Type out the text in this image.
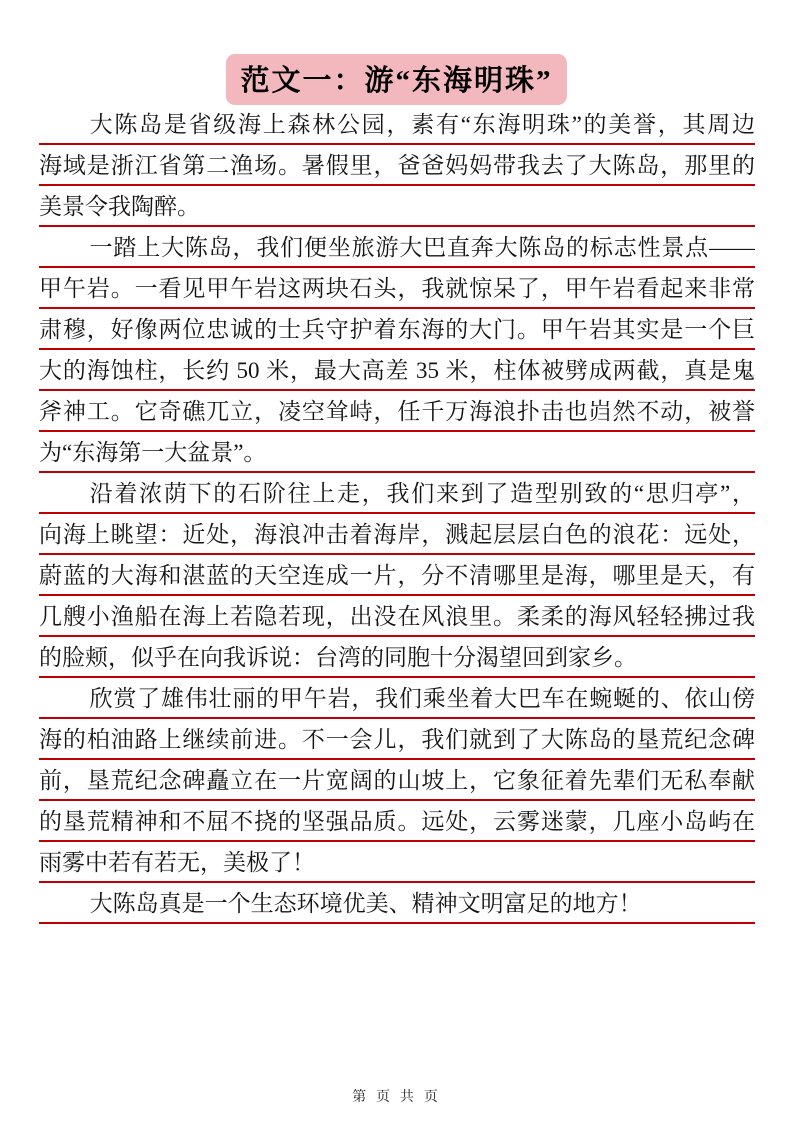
范文一：游“东海明珠”
大陈岛是省级海上森林公园，素有“东海明珠”的美誉，其周边
海域是浙江省第二渔场。暑假里，爸爸妈妈带我去了大陈岛，那里的
美景令我陶醉。
一踏上大陈岛，我们便坐旅游大巴直奔大陈岛的标志性景点——
甲午岩。一看见甲午岩这两块石头，我就惊呆了，甲午岩看起来非常
肃穆，好像两位忠诚的士兵守护着东海的大门。甲午岩其实是一个巨
大的海蚀柱，长约 50 米，最大高差 35 米，柱体被劈成两截，真是鬼
斧神工。它奇礁兀立，凌空耸峙，任千万海浪扑击也岿然不动，被誉
为“东海第一大盆景”。
沿着浓荫下的石阶往上走，我们来到了造型别致的“思归亭”，
向海上眺望：近处，海浪冲击着海岸，溅起层层白色的浪花：远处，
蔚蓝的大海和湛蓝的天空连成一片，分不清哪里是海，哪里是天，有
几艘小渔船在海上若隐若现，出没在风浪里。柔柔的海风轻轻拂过我
的脸颊，似乎在向我诉说：台湾的同胞十分渴望回到家乡。
欣赏了雄伟壮丽的甲午岩，我们乘坐着大巴车在蜿蜒的、依山傍
海的柏油路上继续前进。不一会儿，我们就到了大陈岛的垦荒纪念碑
前，垦荒纪念碑矗立在一片宽阔的山坡上，它象征着先辈们无私奉献
的垦荒精神和不屈不挠的坚强品质。远处，云雾迷蒙，几座小岛屿在
雨雾中若有若无，美极了！
大陈岛真是一个生态环境优美、精神文明富足的地方！
第 页 共 页
